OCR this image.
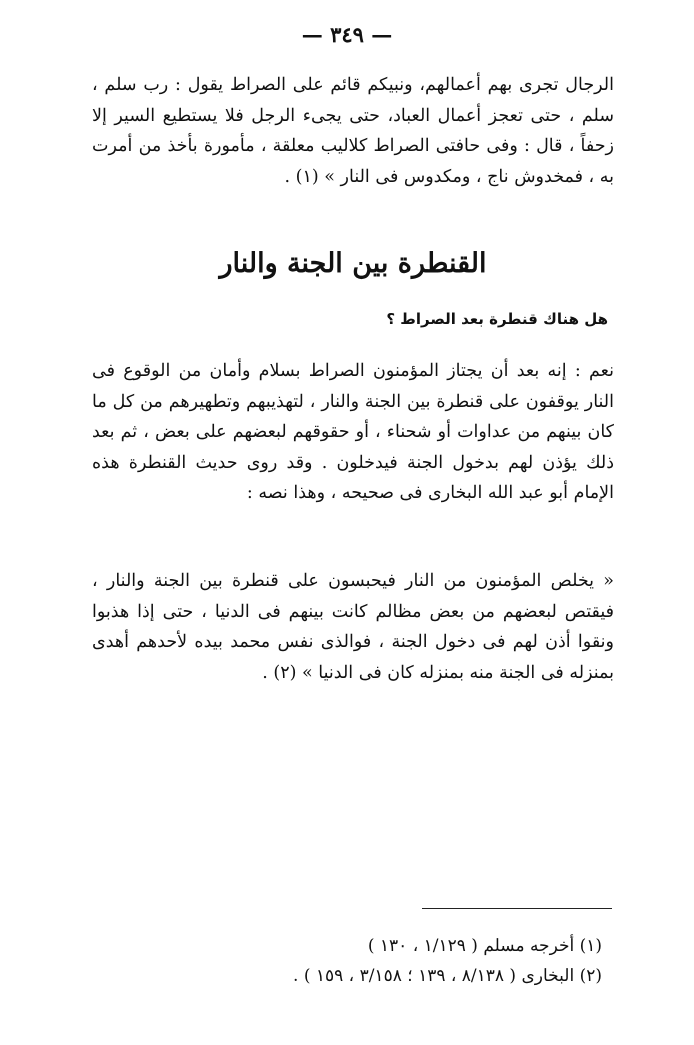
— ٣٤٩ —
الرجال تجرى بهم أعمالهم، ونبيكم قائم على الصراط يقول : رب سلم ، سلم ، حتى تعجز أعمال العباد، حتى يجىء الرجل فلا يستطيع السير إلا زحفاً ، قال : وفى حافتى الصراط كلاليب معلقة ، مأمورة بأخذ من أمرت به ، فمخدوش ناج ، ومكدوس فى النار » (١) .
القنطرة بين الجنة والنار
هل هناك قنطرة بعد الصراط ؟
نعم : إنه بعد أن يجتاز المؤمنون الصراط بسلام وأمان من الوقوع فى النار يوقفون على قنطرة بين الجنة والنار ، لتهذيبهم وتطهيرهم من كل ما كان بينهم من عداوات أو شحناء ، أو حقوقهم لبعضهم على بعض ، ثم بعد ذلك يؤذن لهم بدخول الجنة فيدخلون . وقد روى حديث القنطرة هذه الإمام أبو عبد الله البخارى فى صحيحه ، وهذا نصه :
« يخلص المؤمنون من النار فيحبسون على قنطرة بين الجنة والنار ، فيقتص لبعضهم من بعض مظالم كانت بينهم فى الدنيا ، حتى إذا هذبوا ونقوا أذن لهم فى دخول الجنة ، فوالذى نفس محمد بيده لأحدهم أهدى بمنزله فى الجنة منه بمنزله كان فى الدنيا » (٢) .
(١) أخرجه مسلم ( ١/١٢٩ ، ١٣٠ )
(٢) البخارى ( ٨/١٣٨ ، ١٣٩ ؛ ٣/١٥٨ ، ١٥٩ ) .
